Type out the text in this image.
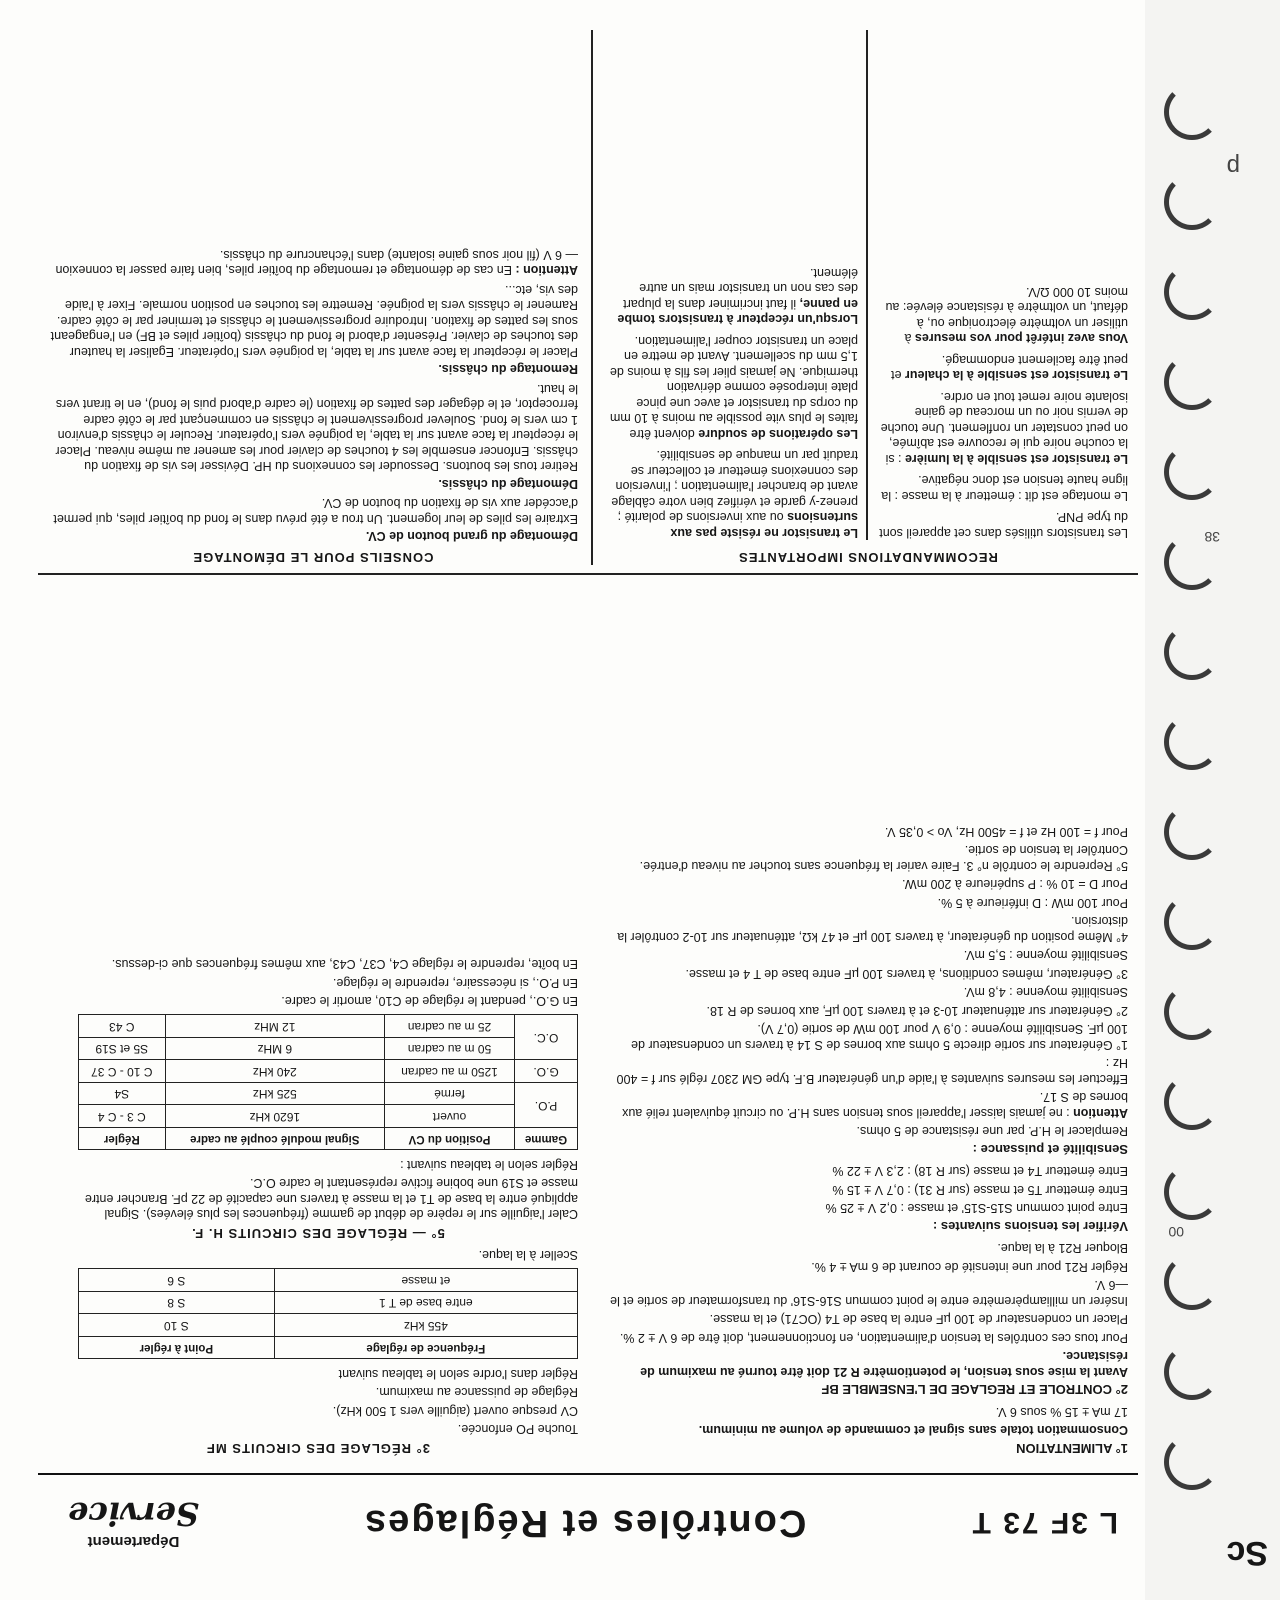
Sc
00
38
p
L 3F 73 T
Contrôles et Réglages
Département
Service
1° ALIMENTATION

Consommation totale sans signal et commande de volume au minimum.

17 mA ± 15 % sous 6 V.

2° CONTROLE ET REGLAGE DE L'ENSEMBLE BF

Avant la mise sous tension, le potentiomètre R 21 doit être tourné au maximum de résistance.

Pour tous ces contrôles la tension d'alimentation, en fonctionnement, doit être de 6 V ± 2 %.

Placer un condensateur de 100 µF entre la base de T4 (OC71) et la masse.

Insérer un milliampèremètre entre le point commun S16-S16' du transformateur de sortie et le —6 V.

Régler R21 pour une intensité de courant de 6 mA ± 4 %.

Bloquer R21 à la laque.

Vérifier les tensions suivantes :

Entre point commun S15-S15' et masse : 0,2 V ± 25 %

Entre émetteur T5 et masse (sur R 31) : 0,7 V ± 15 %

Entre émetteur T4 et masse (sur R 18) : 2,3 V ± 22 %

Sensibilité et puissance :

Remplacer le H.P. par une résistance de 5 ohms.

Attention : ne jamais laisser l'appareil sous tension sans H.P. ou circuit équivalent relié aux bornes de S 17.

Effectuer les mesures suivantes à l'aide d'un générateur B.F. type GM 2307 réglé sur f = 400 Hz :

1° Générateur sur sortie directe 5 ohms aux bornes de S 14 à travers un condensateur de 100 µF. Sensibilité moyenne : 0,9 V pour 100 mW de sortie (0,7 V).

2° Générateur sur atténuateur 10-3 et à travers 100 µF, aux bornes de R 18.

Sensibilité moyenne : 4,8 mV.

3° Générateur, mêmes conditions, à travers 100 µF entre base de T 4 et masse.

Sensibilité moyenne : 5,5 mV.

4° Même position du générateur, à travers 100 µF et 47 kΩ, atténuateur sur 10-2 contrôler la distorsion.

Pour 100 mW : D inférieure à 5 %.

Pour D = 10 % : P supérieure à 200 mW.

5° Reprendre le contrôle n° 3. Faire varier la fréquence sans toucher au niveau d'entrée. Contrôler la tension de sortie.

Pour f = 100 Hz et f = 4500 Hz, Vo > 0,35 V.

3° RÉGLAGE DES CIRCUITS MF

Touche PO enfoncée.

CV presque ouvert (aiguille vers 1 500 kHz).

Réglage de puissance au maximum.

Régler dans l'ordre selon le tableau suivant

Fréquence de réglage	Point à régler
455 kHz	S 10
entre base de T 1	S 8
et masse	S 6

Sceller à la laque.

5° — RÉGLAGE DES CIRCUITS H. F.

Caler l'aiguille sur le repère de début de gamme (fréquences les plus élevées). Signal appliqué entre la base de T1 et la masse à travers une capacité de 22 pF. Brancher entre masse et S19 une bobine fictive représentant le cadre O.C.

Régler selon le tableau suivant :

Gamme	Position du CV	Signal modulé couplé au cadre	Régler
P.O.	ouvert	1620 kHz	C 3 - C 4
	fermé	525 kHz	S4
G.O.	1250 m au cadran	240 kHz	C 10 - C 37
O.C.	50 m au cadran	6 MHz	S5 et S19
	25 m au cadran	12 MHz	C 43

En G.O., pendant le réglage de C10, amortir le cadre.

En P.O., si nécessaire, reprendre le réglage.

En boîte, reprendre le réglage C4, C37, C43, aux mêmes fréquences que ci-dessus.

RECOMMANDATIONS IMPORTANTES

Les transistors utilisés dans cet appareil sont du type PNP.

Le montage est dit : émetteur à la masse : la ligne haute tension est donc négative.

Le transistor est sensible à la lumière : si la couche noire qui le recouvre est abîmée, on peut constater un ronflement. Une touche de vernis noir ou un morceau de gaine isolante noire remet tout en ordre.

Le transistor est sensible à la chaleur et peut être facilement endommagé.

Vous avez intérêt pour vos mesures à utiliser un voltmètre électronique ou, à défaut, un voltmètre à résistance élevée: au moins 10 000 Ω/V.

Le transistor ne résiste pas aux surtensions ou aux inversions de polarité ; prenez-y garde et vérifiez bien votre câblage avant de brancher l'alimentation ; l'inversion des connexions émetteur et collecteur se traduit par un manque de sensibilité.

Les opérations de soudure doivent être faites le plus vite possible au moins à 10 mm du corps du transistor et avec une pince plate interposée comme dérivation thermique. Ne jamais plier les fils à moins de 1,5 mm du scellement. Avant de mettre en place un transistor couper l'alimentation.

Lorsqu'un récepteur à transistors tombe en panne, il faut incriminer dans la plupart des cas non un transistor mais un autre élément.

CONSEILS POUR LE DÉMONTAGE

Démontage du grand bouton de CV.

Extraire les piles de leur logement. Un trou a été prévu dans le fond du boîtier piles, qui permet d'accéder aux vis de fixation du bouton de CV.

Démontage du châssis.

Retirer tous les boutons. Dessouder les connexions du HP. Dévisser les vis de fixation du châssis. Enfoncer ensemble les 4 touches de clavier pour les amener au même niveau. Placer le récepteur la face avant sur la table, la poignée vers l'opérateur. Reculer le châssis d'environ 1 cm vers le fond. Soulever progressivement le châssis en commençant par le côté cadre ferroceptor, et le dégager des pattes de fixation (le cadre d'abord puis le fond), en le tirant vers le haut.

Remontage du châssis.

Placer le récepteur la face avant sur la table, la poignée vers l'opérateur. Egaliser la hauteur des touches de clavier. Présenter d'abord le fond du châssis (boîtier piles et BF) en l'engageant sous les pattes de fixation. Introduire progressivement le châssis et terminer par le côté cadre. Ramener le châssis vers la poignée. Remettre les touches en position normale. Fixer à l'aide des vis, etc...

Attention : En cas de démontage et remontage du boîtier piles, bien faire passer la connexion — 6 V (fil noir sous gaine isolante) dans l'échancrure du châssis.
